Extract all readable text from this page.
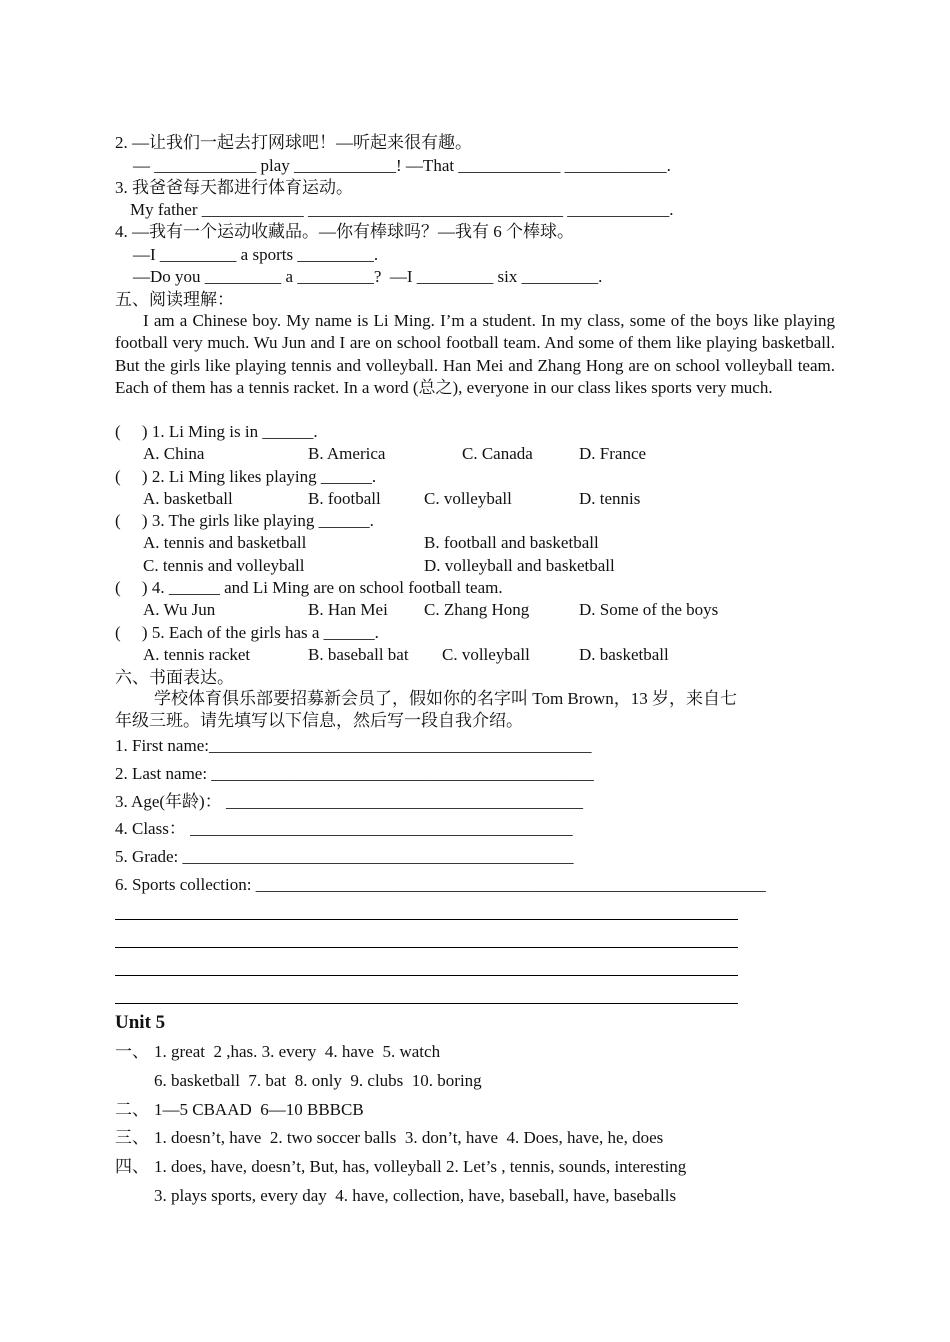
2. —让我们一起去打网球吧！—听起来很有趣。
— ____________ play ____________! —That ____________ ____________.
3. 我爸爸每天都进行体育运动。
My father ____________ ______________________________ ____________.
4. —我有一个运动收藏品。—你有棒球吗？—我有 6 个棒球。
—I _________ a sports _________.
—Do you _________ a _________?  —I _________ six _________.
五、阅读理解：
I am a Chinese boy. My name is Li Ming. I’m a student. In my class, some of the boys like playing football very much. Wu Jun and I are on school football team. And some of them like playing basketball. But the girls like playing tennis and volleyball. Han Mei and Zhang Hong are on school volleyball team. Each of them has a tennis racket. In a word (总之), everyone in our class likes sports very much.
(     ) 1. Li Ming is in ______.
A. China	B. America	C. Canada	D. France
(     ) 2. Li Ming likes playing ______.
A. basketball	B. football	C. volleyball	D. tennis
(     ) 3. The girls like playing ______.
A. tennis and basketball	B. football and basketball
C. tennis and volleyball	D. volleyball and basketball
(     ) 4. ______ and Li Ming are on school football team.
A. Wu Jun	B. Han Mei C. Zhang Hong	D. Some of the boys
(     ) 5. Each of the girls has a ______.
A. tennis racket	B. baseball bat C. volleyball	D. basketball
六、书面表达。
学校体育俱乐部要招募新会员了，假如你的名字叫 Tom Brown，13 岁，来自七
年级三班。请先填写以下信息，然后写一段自我介绍。
1. First name:_____________________________________________
2. Last name: _____________________________________________
3. Age(年龄)： __________________________________________
4. Class： _____________________________________________
5. Grade: ______________________________________________
6. Sports collection: ____________________________________________________________
Unit 5
一、 1. great  2 ,has. 3. every  4. have  5. watch
6. basketball  7. bat  8. only  9. clubs  10. boring
二、 1—5 CBAAD  6—10 BBBCB
三、 1. doesn’t, have  2. two soccer balls  3. don’t, have  4. Does, have, he, does
四、 1. does, have, doesn’t, But, has, volleyball 2. Let’s , tennis, sounds, interesting
3. plays sports, every day  4. have, collection, have, baseball, have, baseballs
